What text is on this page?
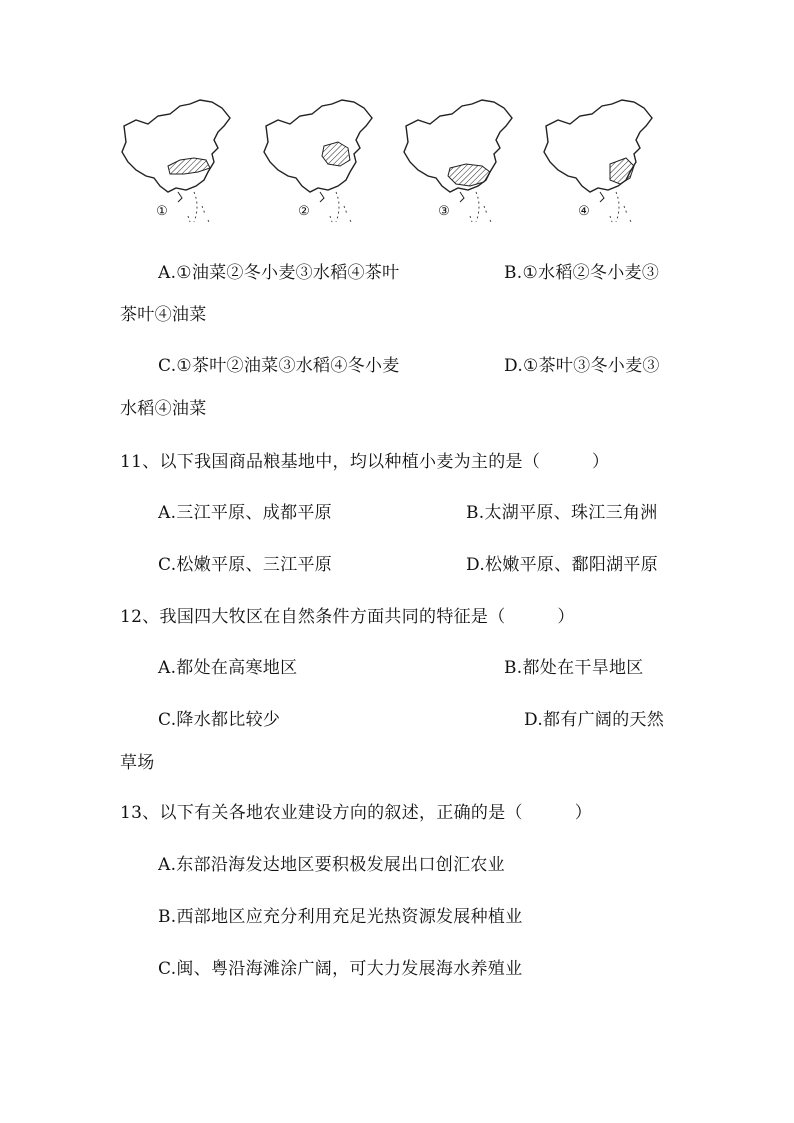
①	②	③	④
A.①油菜②冬小麦③水稻④茶叶	B.①水稻②冬小麦③
茶叶④油菜
C.①茶叶②油菜③水稻④冬小麦	D.①茶叶③冬小麦③
水稻④油菜
11、以下我国商品粮基地中，均以种植小麦为主的是（　　　）
A.三江平原、成都平原	B.太湖平原、珠江三角洲
C.松嫩平原、三江平原	D.松嫩平原、鄱阳湖平原
12、我国四大牧区在自然条件方面共同的特征是（　　　）
A.都处在高寒地区	B.都处在干旱地区
C.降水都比较少	D.都有广阔的天然
草场
13、以下有关各地农业建设方向的叙述，正确的是（　　　）
A.东部沿海发达地区要积极发展出口创汇农业
B.西部地区应充分利用充足光热资源发展种植业
C.闽、粤沿海滩涂广阔，可大力发展海水养殖业
